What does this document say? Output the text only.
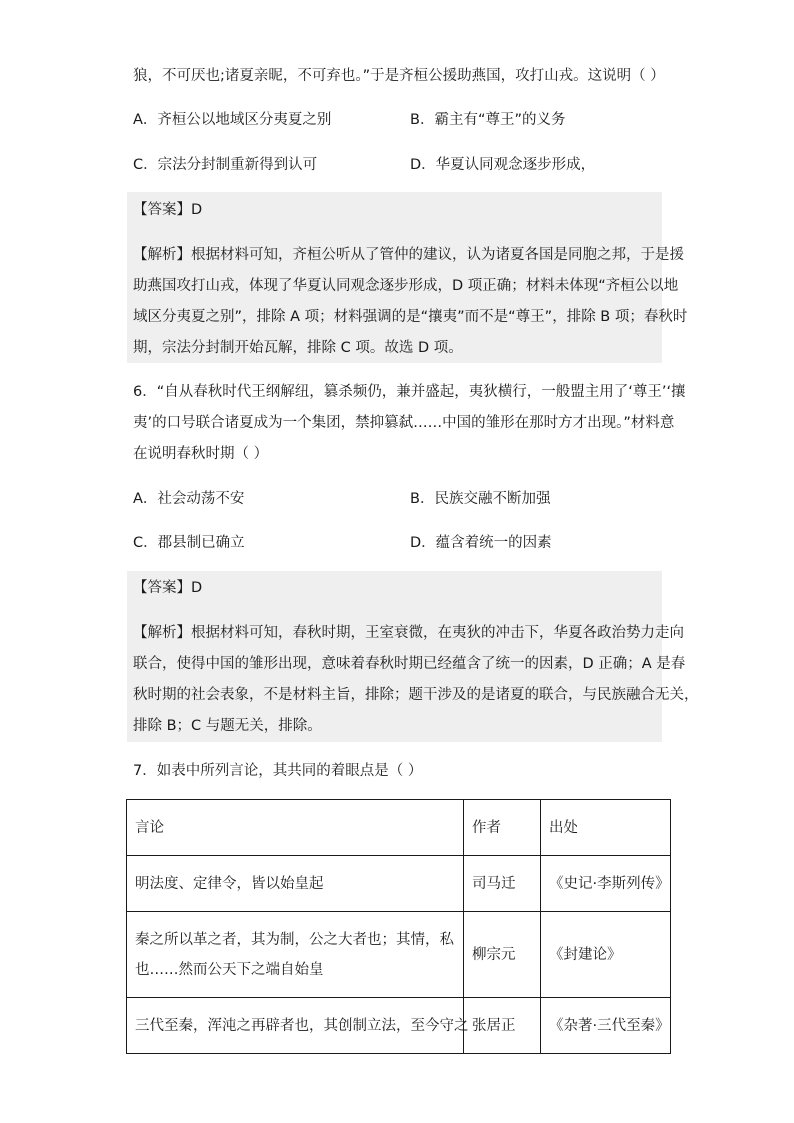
狼，不可厌也;诸夏亲昵，不可弃也。”于是齐桓公援助燕国，攻打山戎。这说明（ ）
A．齐桓公以地域区分夷夏之别	B．霸主有“尊王”的义务
C．宗法分封制重新得到认可	D．华夏认同观念逐步形成，
【答案】D
【解析】根据材料可知，齐桓公听从了管仲的建议，认为诸夏各国是同胞之邦，于是援
助燕国攻打山戎，体现了华夏认同观念逐步形成，D 项正确；材料未体现“齐桓公以地
域区分夷夏之别”，排除 A 项；材料强调的是“攘夷”而不是“尊王”，排除 B 项；春秋时
期，宗法分封制开始瓦解，排除 C 项。故选 D 项。
6．“自从春秋时代王纲解纽，篡杀频仍，兼并盛起，夷狄横行，一般盟主用了‘尊王’‘攘
夷’的口号联合诸夏成为一个集团，禁抑篡弑……中国的雏形在那时方才出现。”材料意
在说明春秋时期（ ）
A．社会动荡不安	B．民族交融不断加强
C．郡县制已确立	D．蕴含着统一的因素
【答案】D
【解析】根据材料可知，春秋时期，王室衰微，在夷狄的冲击下，华夏各政治势力走向
联合，使得中国的雏形出现，意味着春秋时期已经蕴含了统一的因素，D 正确；A 是春
秋时期的社会表象，不是材料主旨，排除；题干涉及的是诸夏的联合，与民族融合无关，
排除 B；C 与题无关，排除。
7．如表中所列言论，其共同的着眼点是（ ）
言论	作者	出处
明法度、定律令，皆以始皇起	司马迁	《史记·李斯列传》

秦之所以革之者，其为制，公之大者也；其情，私
也……然而公天下之端自始皇	柳宗元	《封建论》
三代至秦，浑沌之再辟者也，其创制立法，至今守之	张居正	《杂著·三代至秦》
